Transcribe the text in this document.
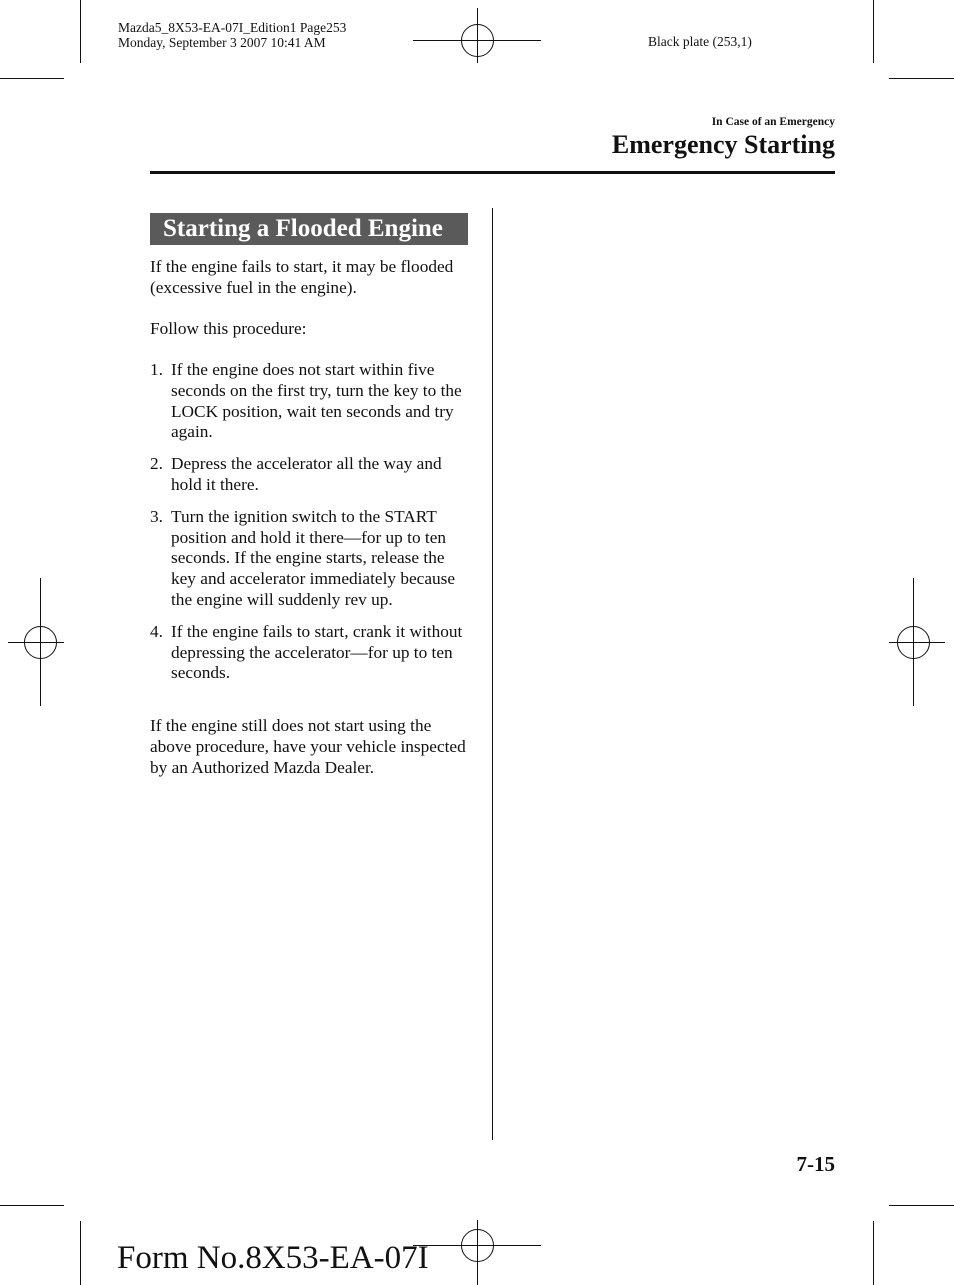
Mazda5_8X53-EA-07I_Edition1 Page253
Monday, September 3 2007 10:41 AM	Black plate (253,1)
In Case of an Emergency
Emergency Starting
Starting a Flooded Engine
If the engine fails to start, it may be flooded (excessive fuel in the engine).
Follow this procedure:
1. If the engine does not start within five seconds on the first try, turn the key to the LOCK position, wait ten seconds and try again.
2. Depress the accelerator all the way and hold it there.
3. Turn the ignition switch to the START position and hold it there―for up to ten seconds. If the engine starts, release the key and accelerator immediately because the engine will suddenly rev up.
4. If the engine fails to start, crank it without depressing the accelerator―for up to ten seconds.
If the engine still does not start using the above procedure, have your vehicle inspected by an Authorized Mazda Dealer.
7-15
Form No.8X53-EA-07I
